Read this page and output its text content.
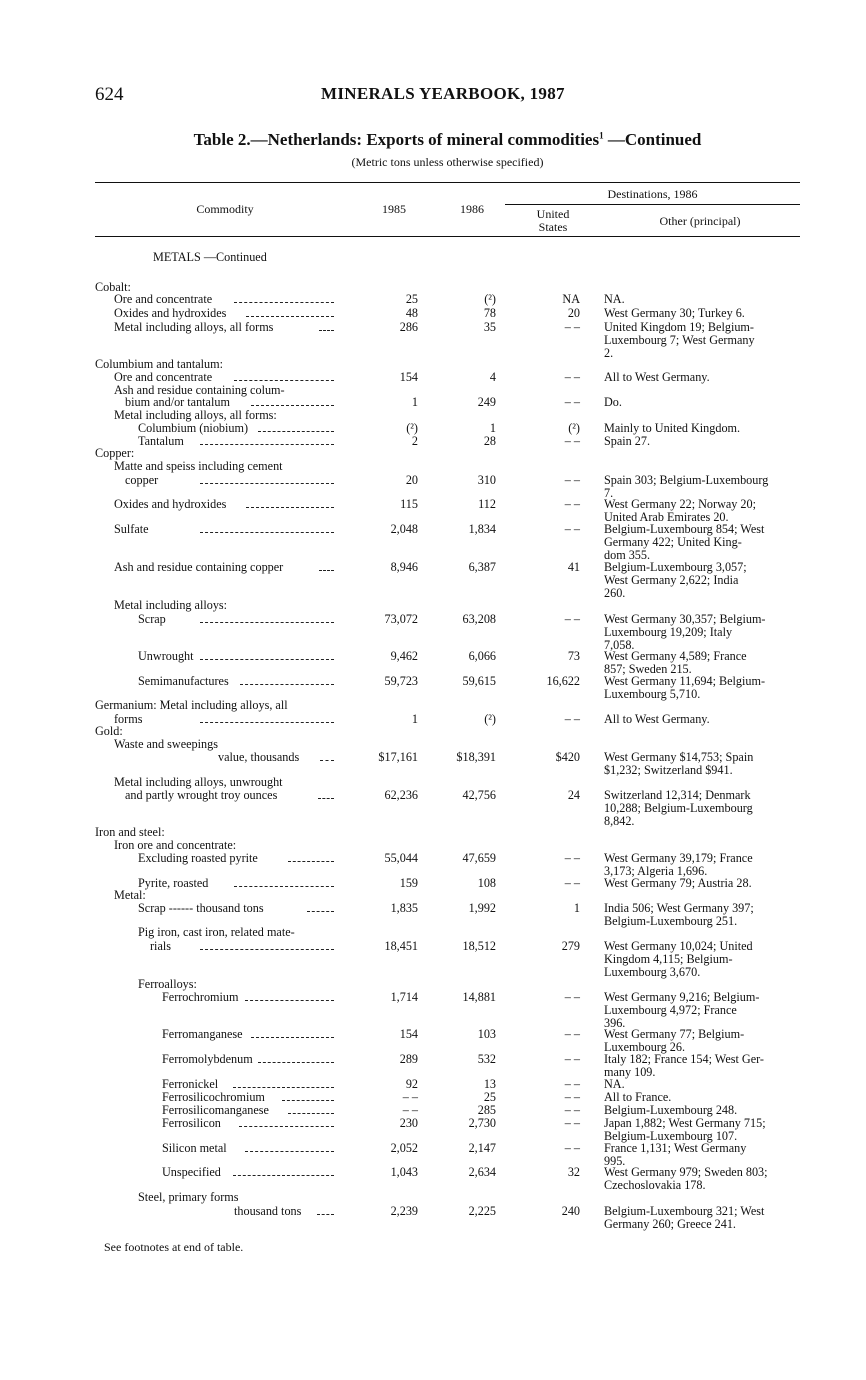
624	MINERALS YEARBOOK, 1987
Table 2.—Netherlands: Exports of mineral commodities$^1$ —Continued
(Metric tons unless otherwise specified)
Commodity	1985	1986
Destinations, 1986
United
States	Other (principal)
METALS —Continued
Cobalt:
Ore and concentrate	25	(²)	NA NA.
Oxides and hydroxides	48	78	20 West Germany 30; Turkey 6.
Metal including alloys, all forms	286	35	– – United Kingdom 19; Belgium-
Luxembourg 7; West Germany
2.
Columbium and tantalum:
Ore and concentrate	154	4	– – All to West Germany.
Ash and residue containing colum-
bium and/or tantalum	1	249	– – Do.
Metal including alloys, all forms:
Columbium (niobium)	(²)	1	(²) Mainly to United Kingdom.
Tantalum	2	28	– – Spain 27.
Copper:
Matte and speiss including cement
copper	20	310	– – Spain 303; Belgium-Luxembourg
7.
Oxides and hydroxides	115	112	– – West Germany 22; Norway 20;
United Arab Emirates 20.
Sulfate	2,048	1,834	– – Belgium-Luxembourg 854; West
Germany 422; United King-
dom 355.
Ash and residue containing copper	8,946	6,387	41 Belgium-Luxembourg 3,057;
West Germany 2,622; India
260.
Metal including alloys:
Scrap	73,072	63,208	– – West Germany 30,357; Belgium-
Luxembourg 19,209; Italy
7,058.
Unwrought	9,462	6,066	73 West Germany 4,589; France
857; Sweden 215.
Semimanufactures	59,723	59,615	16,622 West Germany 11,694; Belgium-
Luxembourg 5,710.
Germanium: Metal including alloys, all
forms	1	(²)	– – All to West Germany.
Gold:
Waste and sweepings
value, thousands	$17,161	$18,391	$420 West Germany $14,753; Spain
$1,232; Switzerland $941.
Metal including alloys, unwrought
and partly wrought troy ounces	62,236	42,756	24 Switzerland 12,314; Denmark
10,288; Belgium-Luxembourg
8,842.
Iron and steel:
Iron ore and concentrate:
Excluding roasted pyrite	55,044	47,659	– – West Germany 39,179; France
3,173; Algeria 1,696.
Pyrite, roasted	159	108	– – West Germany 79; Austria 28.
Metal:
Scrap ------ thousand tons	1,835	1,992	1 India 506; West Germany 397;
Belgium-Luxembourg 251.
Pig iron, cast iron, related mate-
rials	18,451	18,512	279 West Germany 10,024; United
Kingdom 4,115; Belgium-
Luxembourg 3,670.
Ferroalloys:
Ferrochromium	1,714	14,881	– – West Germany 9,216; Belgium-
Luxembourg 4,972; France
396.
Ferromanganese	154	103	– – West Germany 77; Belgium-
Luxembourg 26.
Ferromolybdenum	289	532	– – Italy 182; France 154; West Ger-
many 109.
Ferronickel	92	13	– – NA.
Ferrosilicochromium	– –	25	– – All to France.
Ferrosilicomanganese	– –	285	– – Belgium-Luxembourg 248.
Ferrosilicon	230	2,730	– – Japan 1,882; West Germany 715;
Belgium-Luxembourg 107.
Silicon metal	2,052	2,147	– – France 1,131; West Germany
995.
Unspecified	1,043	2,634	32 West Germany 979; Sweden 803;
Czechoslovakia 178.
Steel, primary forms
thousand tons	2,239	2,225	240 Belgium-Luxembourg 321; West
Germany 260; Greece 241.
See footnotes at end of table.
